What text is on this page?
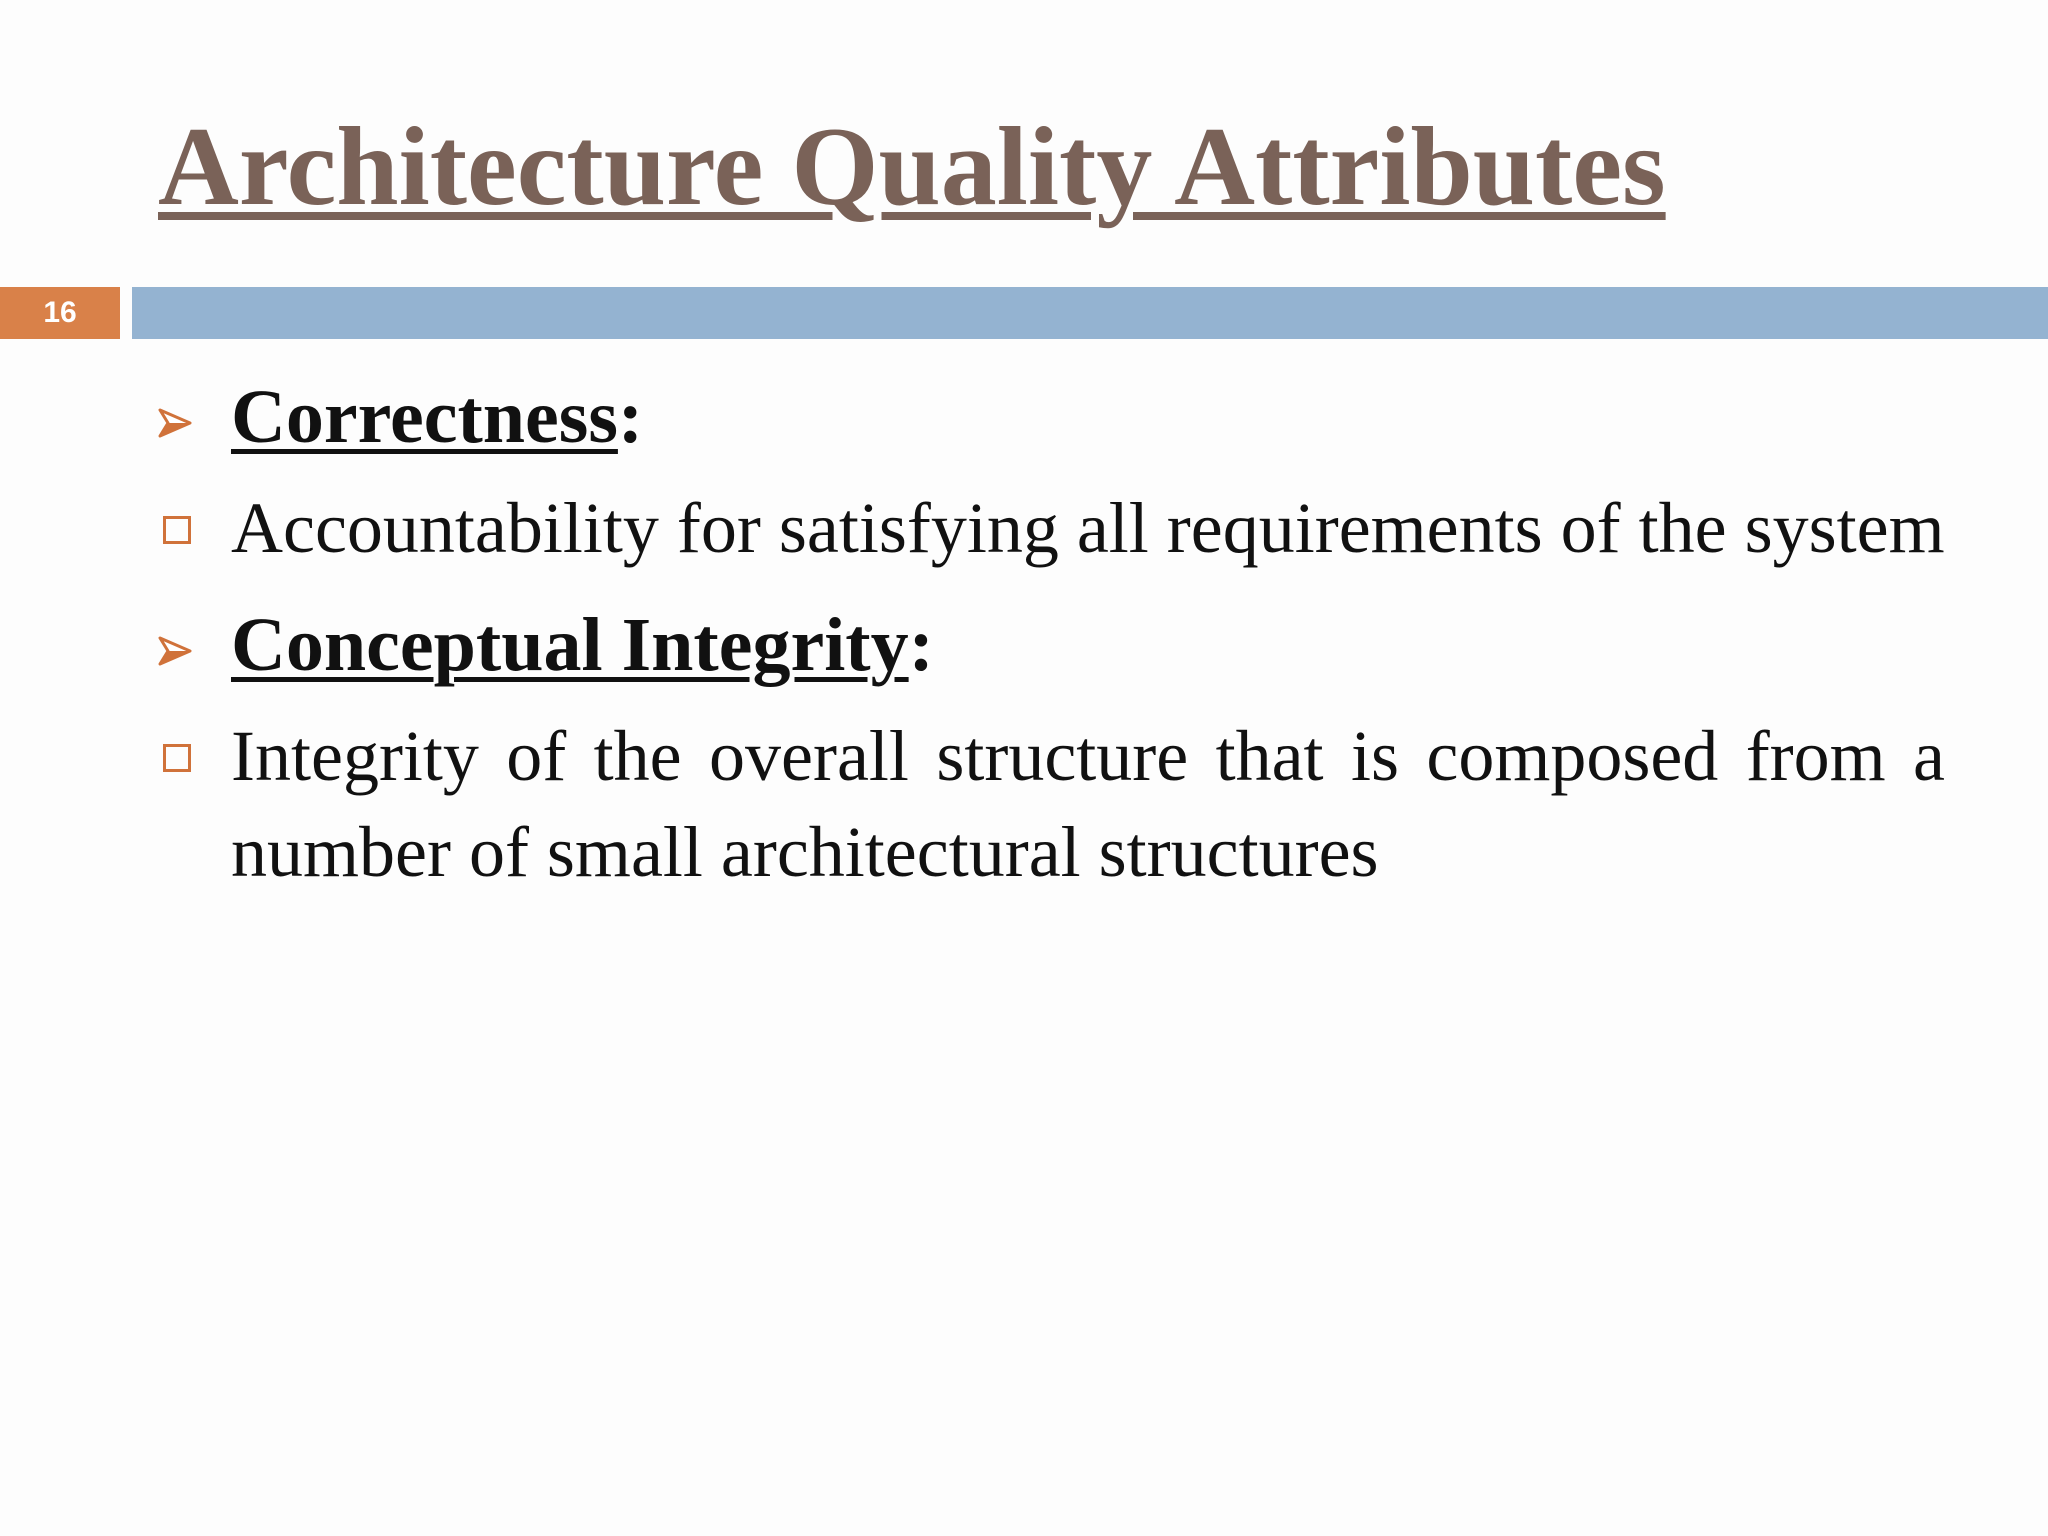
Architecture Quality Attributes
16
Correctness:
Accountability for satisfying all requirements of the system
Conceptual Integrity:
Integrity of the overall structure that is composed from a number of small architectural structures
